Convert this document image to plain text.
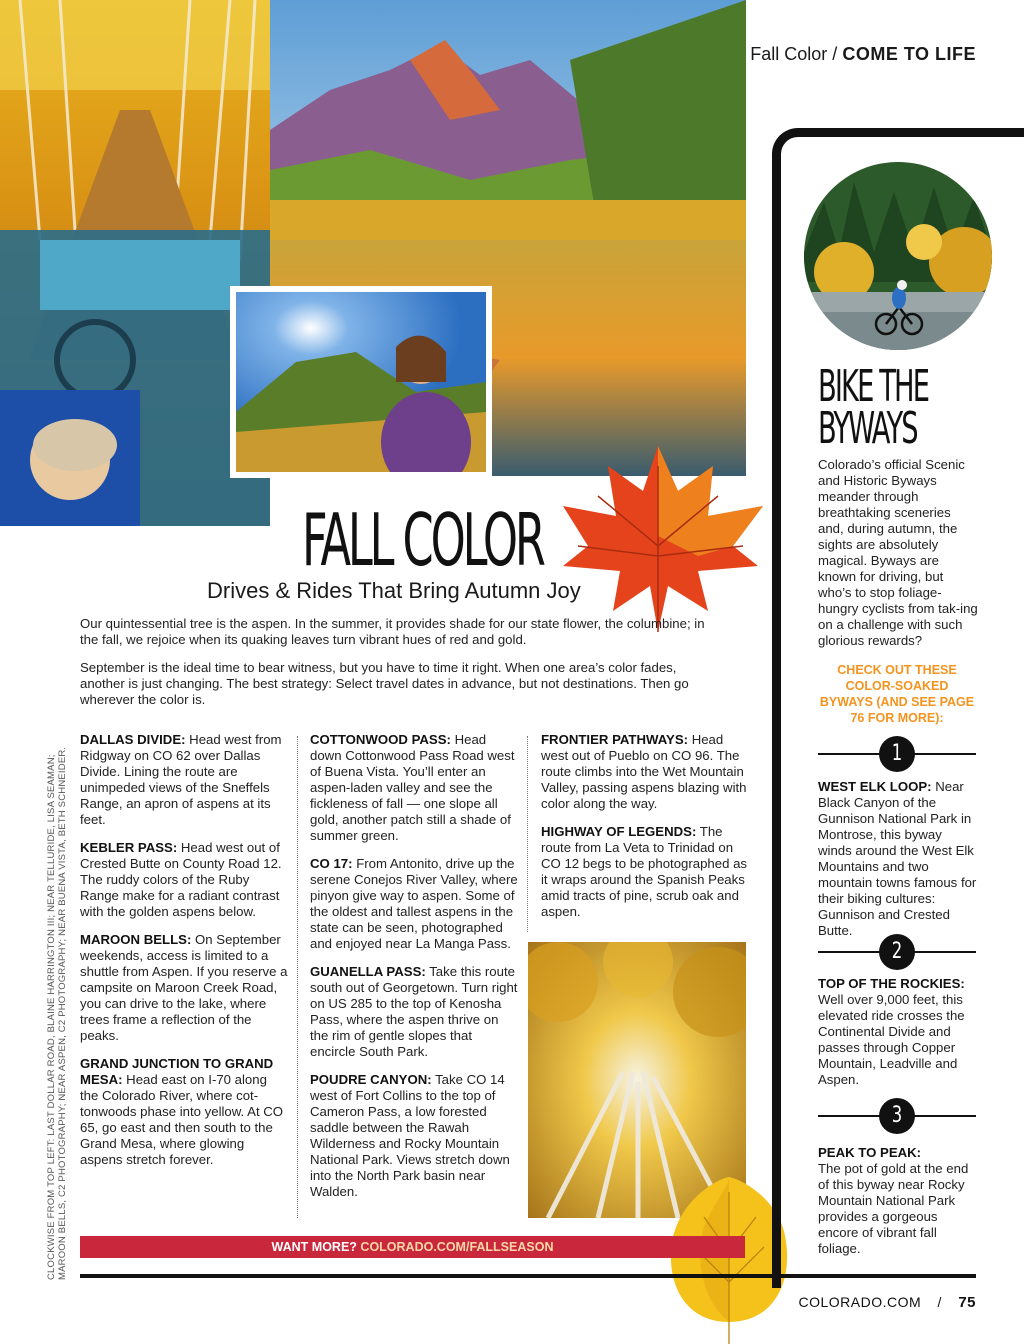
Fall Color / COME TO LIFE
FALL COLOR
Drives & Rides That Bring Autumn Joy

Our quintessential tree is the aspen. In the summer, it provides shade for our state flower, the columbine; in the fall, we rejoice when its quaking leaves turn vibrant hues of red and gold.

September is the ideal time to bear witness, but you have to time it right. When one area’s color fades, another is just changing. The best strategy: Select travel dates in advance, but not destinations. Then go wherever the color is.

DALLAS DIVIDE: Head west from Ridgway on CO 62 over Dallas Divide. Lining the route are unimpeded views of the Sneffels Range, an apron of aspens at its feet.

KEBLER PASS: Head west out of Crested Butte on County Road 12. The ruddy colors of the Ruby Range make for a radiant contrast with the golden aspens below.

MAROON BELLS: On September weekends, access is limited to a shuttle from Aspen. If you reserve a campsite on Maroon Creek Road, you can drive to the lake, where trees frame a reflection of the peaks.

GRAND JUNCTION TO GRAND MESA: Head east on I-70 along the Colorado River, where cot-tonwoods phase into yellow. At CO 65, go east and then south to the Grand Mesa, where glowing aspens stretch forever.

COTTONWOOD PASS: Head down Cottonwood Pass Road west of Buena Vista. You’ll enter an aspen-laden valley and see the fickleness of fall — one slope all gold, another patch still a shade of summer green.

CO 17: From Antonito, drive up the serene Conejos River Valley, where pinyon give way to aspen. Some of the oldest and tallest aspens in the state can be seen, photographed and enjoyed near La Manga Pass.

GUANELLA PASS: Take this route south out of Georgetown. Turn right on US 285 to the top of Kenosha Pass, where the aspen thrive on the rim of gentle slopes that encircle South Park.

POUDRE CANYON: Take CO 14 west of Fort Collins to the top of Cameron Pass, a low forested saddle between the Rawah Wilderness and Rocky Mountain National Park. Views stretch down into the North Park basin near Walden.

FRONTIER PATHWAYS: Head west out of Pueblo on CO 96. The route climbs into the Wet Mountain Valley, passing aspens blazing with color along the way.

HIGHWAY OF LEGENDS: The route from La Veta to Trinidad on CO 12 begs to be photographed as it wraps around the Spanish Peaks amid tracts of pine, scrub oak and aspen.

WANT MORE? COLORADO.COM/FALLSEASON
CLOCKWISE FROM TOP LEFT: LAST DOLLAR ROAD, BLAINE HARRINGTON III; NEAR TELLURIDE, LISA SEAMAN; MAROON BELLS, C2 PHOTOGRAPHY; NEAR ASPEN, C2 PHOTOGRAPHY; NEAR BUENA VISTA, BETH SCHNEIDER.
COLORADO.COM / 75
BIKE THE
BYWAYS

Colorado’s official Scenic and Historic Byways meander through breathtaking sceneries and, during autumn, the sights are absolutely magical. Byways are known for driving, but who’s to stop foliage-hungry cyclists from tak-ing on a challenge with such glorious rewards?

CHECK OUT THESE COLOR-SOAKED BYWAYS (AND SEE PAGE 76 FOR MORE):

1

WEST ELK LOOP: Near Black Canyon of the Gunnison National Park in Montrose, this byway winds around the West Elk Mountains and two mountain towns famous for their biking cultures: Gunnison and Crested Butte.

2

TOP OF THE ROCKIES:
Well over 9,000 feet, this elevated ride crosses the Continental Divide and passes through Copper Mountain, Leadville and Aspen.

3

PEAK TO PEAK:
The pot of gold at the end of this byway near Rocky Mountain National Park provides a gorgeous encore of vibrant fall foliage.
